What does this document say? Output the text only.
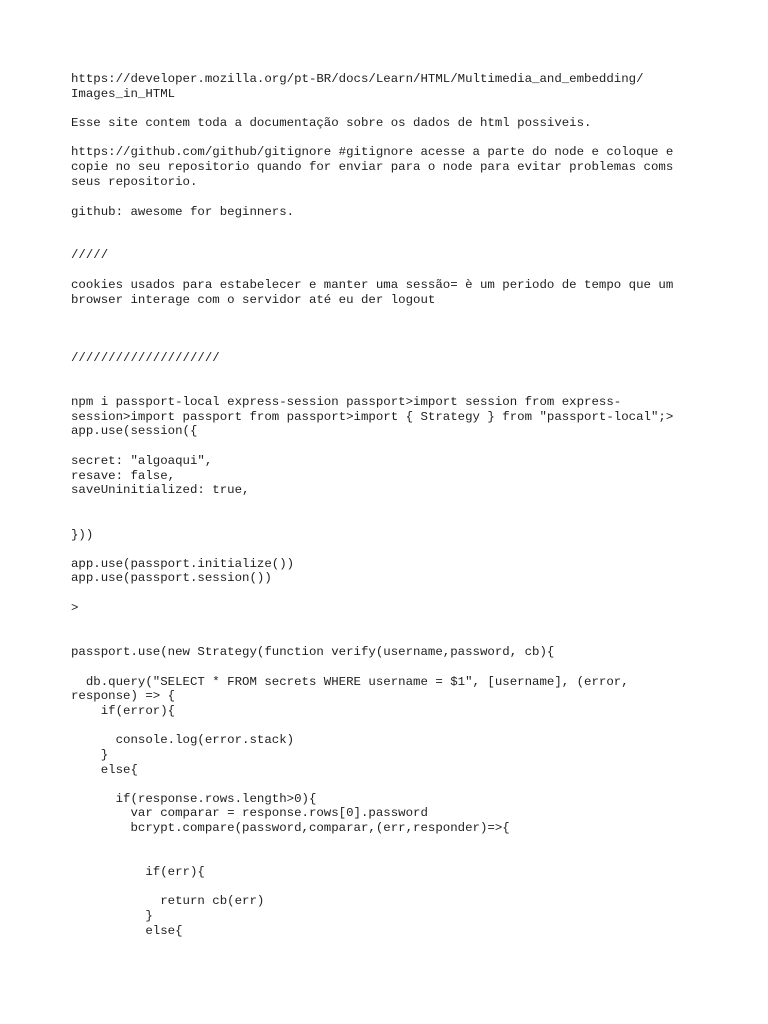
https://developer.mozilla.org/pt-BR/docs/Learn/HTML/Multimedia_and_embedding/
Images_in_HTML
Esse site contem toda a documentação sobre os dados de html possiveis.
https://github.com/github/gitignore #gitignore acesse a parte do node e coloque e
copie no seu repositorio quando for enviar para o node para evitar problemas coms
seus repositorio.
github: awesome for beginners.
/////
cookies usados para estabelecer e manter uma sessão= è um periodo de tempo que um
browser interage com o servidor até eu der logout
////////////////////
npm i passport-local express-session passport>import session from express-
session>import passport from passport>import { Strategy } from "passport-local";>
app.use(session({
secret: "algoaqui",
resave: false,
saveUninitialized: true,
}))
app.use(passport.initialize())
app.use(passport.session())
>
passport.use(new Strategy(function verify(username,password, cb){
db.query("SELECT * FROM secrets WHERE username = $1", [username], (error,
response) => {
if(error){
console.log(error.stack)
}
else{
if(response.rows.length>0){
var comparar = response.rows[0].password
bcrypt.compare(password,comparar,(err,responder)=>{
if(err){
return cb(err)
}
else{
